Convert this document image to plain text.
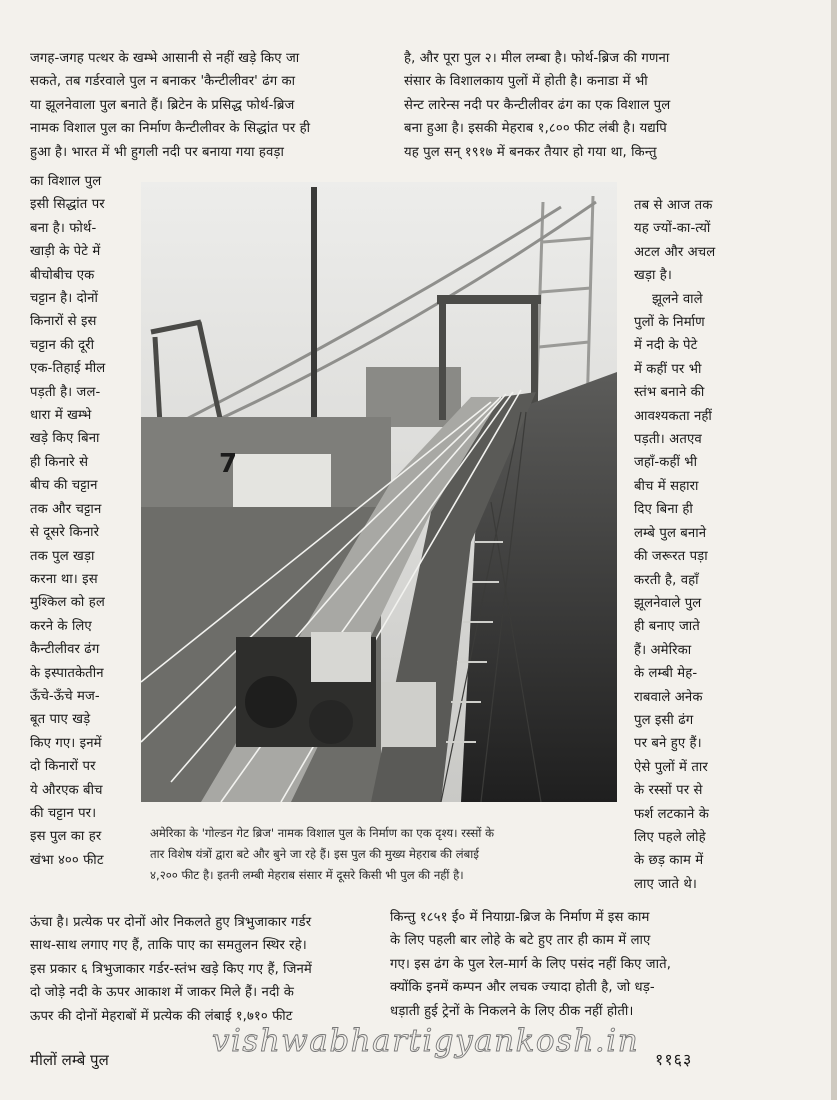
जगह-जगह पत्थर के खम्भे आसानी से नहीं खड़े किए जा

सकते, तब गर्डरवाले पुल न बनाकर 'कैन्टीलीवर' ढंग का

या झूलनेवाला पुल बनाते हैं। ब्रिटेन के प्रसिद्ध फोर्थ-ब्रिज

नामक विशाल पुल का निर्माण कैन्टीलीवर के सिद्धांत पर ही

हुआ है। भारत में भी हुगली नदी पर बनाया गया हवड़ा

है, और पूरा पुल २। मील लम्बा है। फोर्थ-ब्रिज की गणना

संसार के विशालकाय पुलों में होती है। कनाडा में भी

सेन्ट लारेन्स नदी पर कैन्टीलीवर ढंग का एक विशाल पुल

बना हुआ है। इसकी मेहराब १,८०० फीट लंबी है। यद्यपि

यह पुल सन् १९१७ में बनकर तैयार हो गया था, किन्तु

का विशाल पुल

इसी सिद्धांत पर

बना है। फोर्थ-

खाड़ी के पेटे में

बीचोबीच एक

चट्टान है। दोनों

किनारों से इस

चट्टान की दूरी

एक-तिहाई मील

पड़ती है। जल-

धारा में खम्भे

खड़े किए बिना

ही किनारे से

बीच की चट्टान

तक और चट्टान

से दूसरे किनारे

तक पुल खड़ा

करना था। इस

मुश्किल को हल

करने के लिए

कैन्टीलीवर ढंग

के इस्पातकेतीन

ऊँचे-ऊँचे मज-

बूत पाए खड़े

किए गए। इनमें

दो किनारों पर

ये औरएक बीच

की चट्टान पर।

इस पुल का हर

खंभा ४०० फीट

तब से आज तक

यह ज्यों-का-त्यों

अटल और अचल

खड़ा है।

झूलने वाले

पुलों के निर्माण

में नदी के पेटे

में कहीं पर भी

स्तंभ बनाने की

आवश्यकता नहीं

पड़ती। अतएव

जहाँ-कहीं भी

बीच में सहारा

दिए बिना ही

लम्बे पुल बनाने

की जरूरत पड़ा

करती है, वहाँ

झूलनेवाले पुल

ही बनाए जाते

हैं। अमेरिका

के लम्बी मेह-

राबवाले अनेक

पुल इसी ढंग

पर बने हुए हैं।

ऐसे पुलों में तार

के रस्सों पर से

फर्श लटकाने के

लिए पहले लोहे

के छड़ काम में

लाए जाते थे।

7

अमेरिका के 'गोल्डन गेट ब्रिज' नामक विशाल पुल के निर्माण का एक दृश्य। रस्सों के

तार विशेष यंत्रों द्वारा बटे और बुने जा रहे हैं। इस पुल की मुख्य मेहराब की लंबाई

४,२०० फीट है। इतनी लम्बी मेहराब संसार में दूसरे किसी भी पुल की नहीं है।

ऊंचा है। प्रत्येक पर दोनों ओर निकलते हुए त्रिभुजाकार गर्डर

साथ-साथ लगाए गए हैं, ताकि पाए का समतुलन स्थिर रहे।

इस प्रकार ६ त्रिभुजाकार गर्डर-स्तंभ खड़े किए गए हैं, जिनमें

दो जोड़े नदी के ऊपर आकाश में जाकर मिले हैं। नदी के

ऊपर की दोनों मेहराबों में प्रत्येक की लंबाई १,७१० फीट

किन्तु १८५१ ई० में नियाग्रा-ब्रिज के निर्माण में इस काम

के लिए पहली बार लोहे के बटे हुए तार ही काम में लाए

गए। इस ढंग के पुल रेल-मार्ग के लिए पसंद नहीं किए जाते,

क्योंकि इनमें कम्पन और लचक ज्यादा होती है, जो धड़-

धड़ाती हुई ट्रेनों के निकलने के लिए ठीक नहीं होती।

मीलों लम्बे पुल
vishwabhartigyankosh.in
११६३
